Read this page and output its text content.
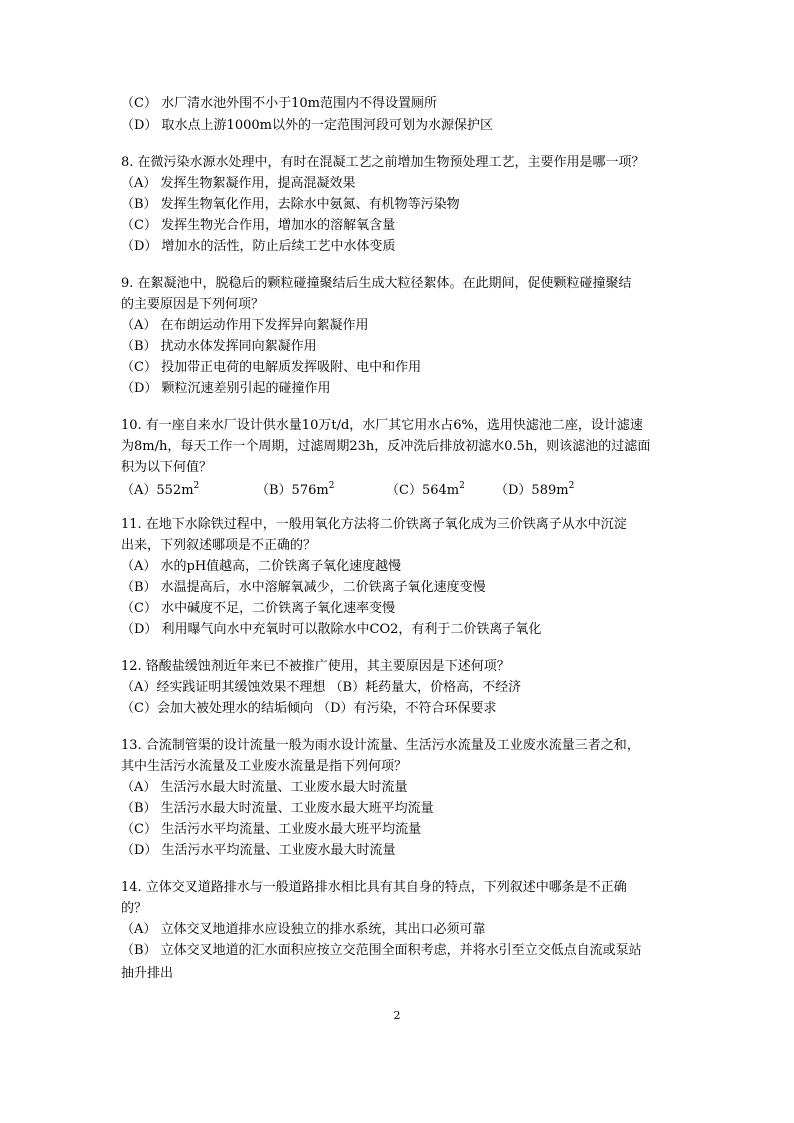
（C） 水厂清水池外围不小于10m范围内不得设置厕所
（D） 取水点上游1000m以外的一定范围河段可划为水源保护区
8. 在微污染水源水处理中，有时在混凝工艺之前增加生物预处理工艺，主要作用是哪一项？
（A） 发挥生物絮凝作用，提高混凝效果
（B） 发挥生物氧化作用，去除水中氨氮、有机物等污染物
（C） 发挥生物光合作用，增加水的溶解氧含量
（D） 增加水的活性，防止后续工艺中水体变质
9. 在絮凝池中，脱稳后的颗粒碰撞聚结后生成大粒径絮体。在此期间，促使颗粒碰撞聚结
的主要原因是下列何项？
（A） 在布朗运动作用下发挥异向絮凝作用
（B） 扰动水体发挥同向絮凝作用
（C） 投加带正电荷的电解质发挥吸附、电中和作用
（D） 颗粒沉速差别引起的碰撞作用
10. 有一座自来水厂设计供水量10万t/d，水厂其它用水占6%，选用快滤池二座，设计滤速
为8m/h，每天工作一个周期，过滤周期23h，反冲洗后排放初滤水0.5h，则该滤池的过滤面
积为以下何值？
$(A)552m^2$	$(B)576m^2$	$(C)564m^2$ $(D)589m^2$
11. 在地下水除铁过程中，一般用氧化方法将二价铁离子氧化成为三价铁离子从水中沉淀
出来，下列叙述哪项是不正确的？
（A） 水的pH值越高，二价铁离子氧化速度越慢
（B） 水温提高后，水中溶解氧减少，二价铁离子氧化速度变慢
（C） 水中碱度不足，二价铁离子氧化速率变慢
（D） 利用曝气向水中充氧时可以散除水中CO2，有利于二价铁离子氧化
12. 铬酸盐缓蚀剂近年来已不被推广使用，其主要原因是下述何项？
（A）经实践证明其缓蚀效果不理想 （B）耗药量大，价格高，不经济
（C）会加大被处理水的结垢倾向 （D）有污染，不符合环保要求
13. 合流制管渠的设计流量一般为雨水设计流量、生活污水流量及工业废水流量三者之和，
其中生活污水流量及工业废水流量是指下列何项？
（A） 生活污水最大时流量、工业废水最大时流量
（B） 生活污水最大时流量、工业废水最大班平均流量
（C） 生活污水平均流量、工业废水最大班平均流量
（D） 生活污水平均流量、工业废水最大时流量
14. 立体交叉道路排水与一般道路排水相比具有其自身的特点，下列叙述中哪条是不正确
的？
（A） 立体交叉地道排水应设独立的排水系统，其出口必须可靠
（B） 立体交叉地道的汇水面积应按立交范围全面积考虑，并将水引至立交低点自流或泵站
抽升排出
2
